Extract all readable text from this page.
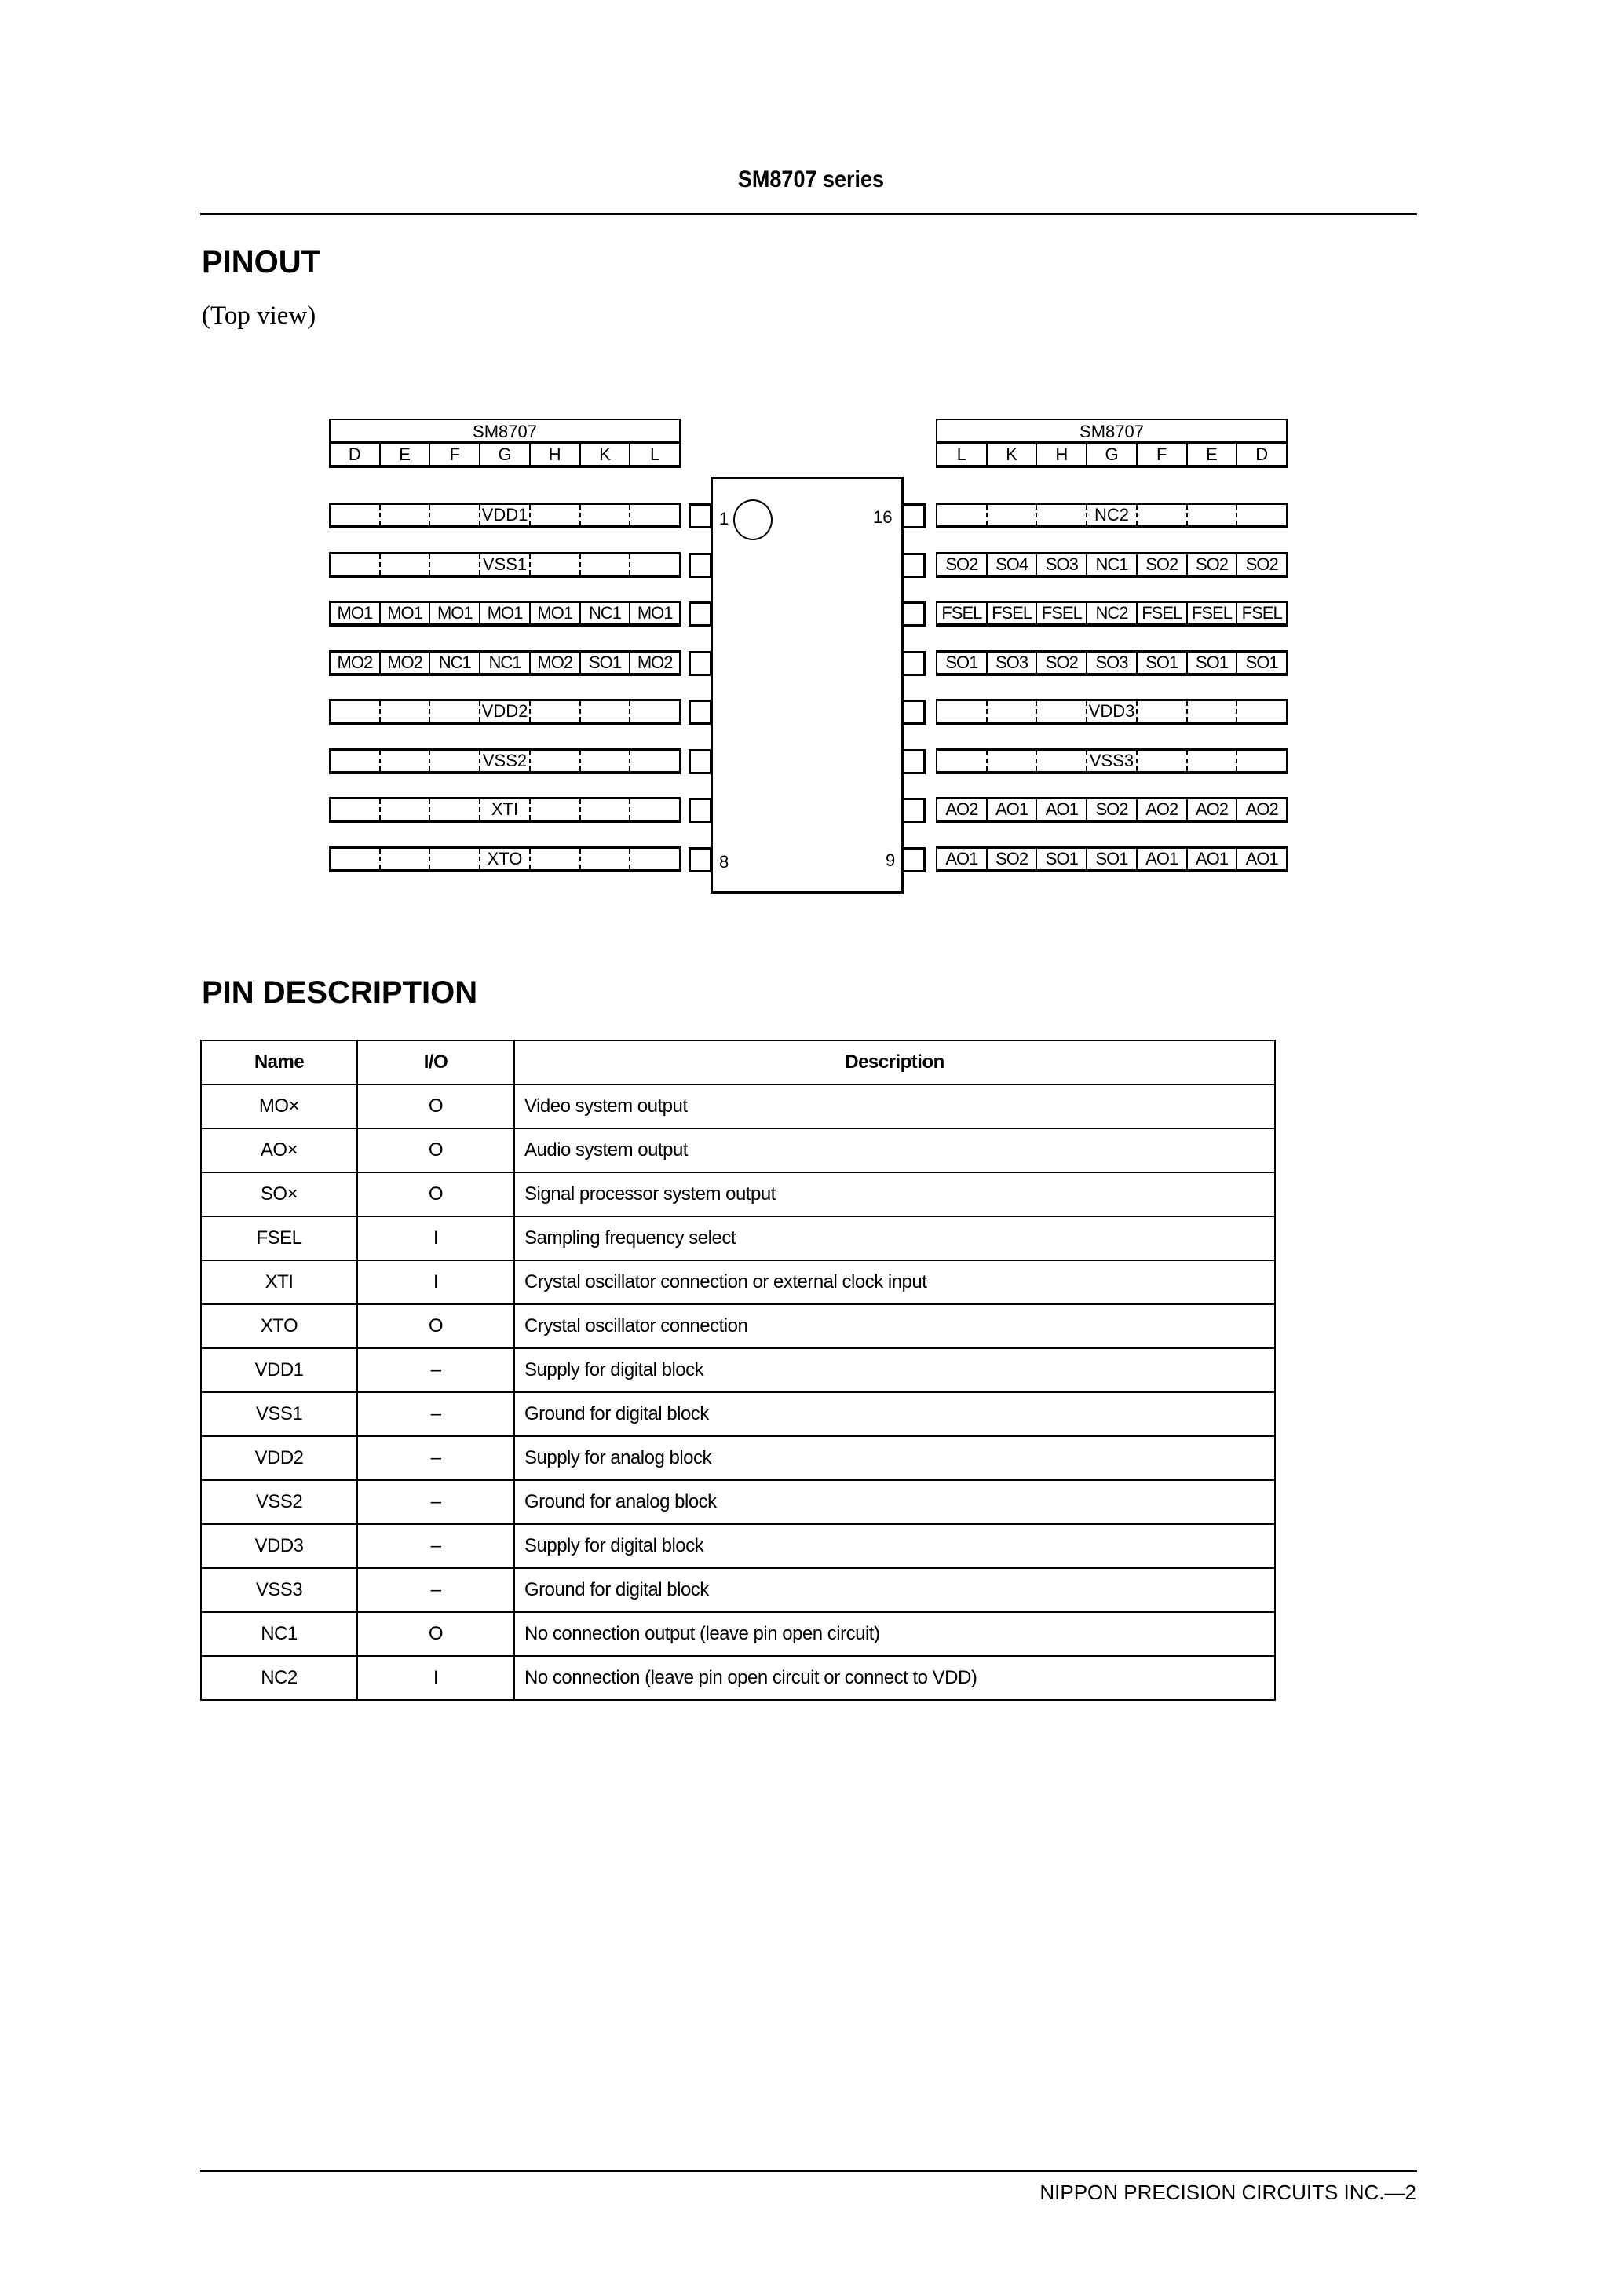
SM8707 series
PINOUT
(Top view)
SM8707
D	E	F	G	H	K	L
SM8707
L	K	H	G	F	E	D
1	16
8	9
VDD1
VSS1
MO1 MO1 MO1 MO1 MO1 NC1 MO1
MO2 MO2 NC1	NC1 MO2 SO1 MO2
VDD2
VSS2
XTI
XTO
NC2
SO2	SO4	SO3	NC1	SO2	SO2	SO2
FSEL FSEL FSEL NC2 FSEL FSEL FSEL
SO1	SO3	SO2	SO3	SO1	SO1	SO1
VDD3
VSS3
AO2	AO1	AO1	SO2	AO2	AO2	AO2
AO1	SO2	SO1	SO1	AO1	AO1	AO1
PIN DESCRIPTION
Name	I/O	Description
MO×	O	Video system output
AO×	O	Audio system output
SO×	O	Signal processor system output
FSEL	I	Sampling frequency select
XTI	I	Crystal oscillator connection or external clock input
XTO	O	Crystal oscillator connection
VDD1	–	Supply for digital block
VSS1	–	Ground for digital block
VDD2	–	Supply for analog block
VSS2	–	Ground for analog block
VDD3	–	Supply for digital block
VSS3	–	Ground for digital block
NC1	O	No connection output (leave pin open circuit)
NC2	I	No connection (leave pin open circuit or connect to VDD)
NIPPON PRECISION CIRCUITS INC.—2
